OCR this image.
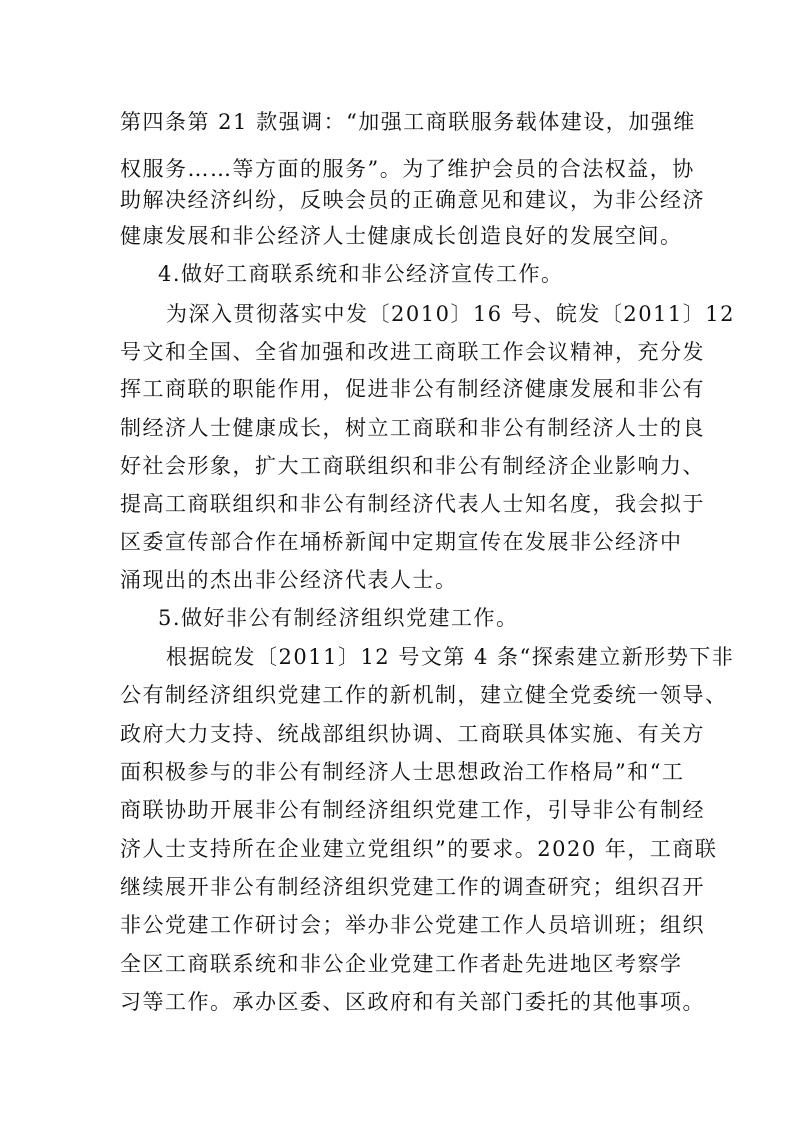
第四条第 21 款强调：“加强工商联服务载体建设，加强维
权服务……等方面的服务”。为了维护会员的合法权益，协
助解决经济纠纷，反映会员的正确意见和建议，为非公经济
健康发展和非公经济人士健康成长创造良好的发展空间。
4.做好工商联系统和非公经济宣传工作。
为深入贯彻落实中发〔2010〕16 号、皖发〔2011〕12
号文和全国、全省加强和改进工商联工作会议精神，充分发
挥工商联的职能作用，促进非公有制经济健康发展和非公有
制经济人士健康成长，树立工商联和非公有制经济人士的良
好社会形象，扩大工商联组织和非公有制经济企业影响力、
提高工商联组织和非公有制经济代表人士知名度，我会拟于
区委宣传部合作在埇桥新闻中定期宣传在发展非公经济中
涌现出的杰出非公经济代表人士。
5.做好非公有制经济组织党建工作。
根据皖发〔2011〕12 号文第 4 条“探索建立新形势下非
公有制经济组织党建工作的新机制，建立健全党委统一领导、
政府大力支持、统战部组织协调、工商联具体实施、有关方
面积极参与的非公有制经济人士思想政治工作格局”和“工
商联协助开展非公有制经济组织党建工作，引导非公有制经
济人士支持所在企业建立党组织”的要求。2020 年，工商联
继续展开非公有制经济组织党建工作的调查研究；组织召开
非公党建工作研讨会；举办非公党建工作人员培训班；组织
全区工商联系统和非公企业党建工作者赴先进地区考察学
习等工作。承办区委、区政府和有关部门委托的其他事项。
